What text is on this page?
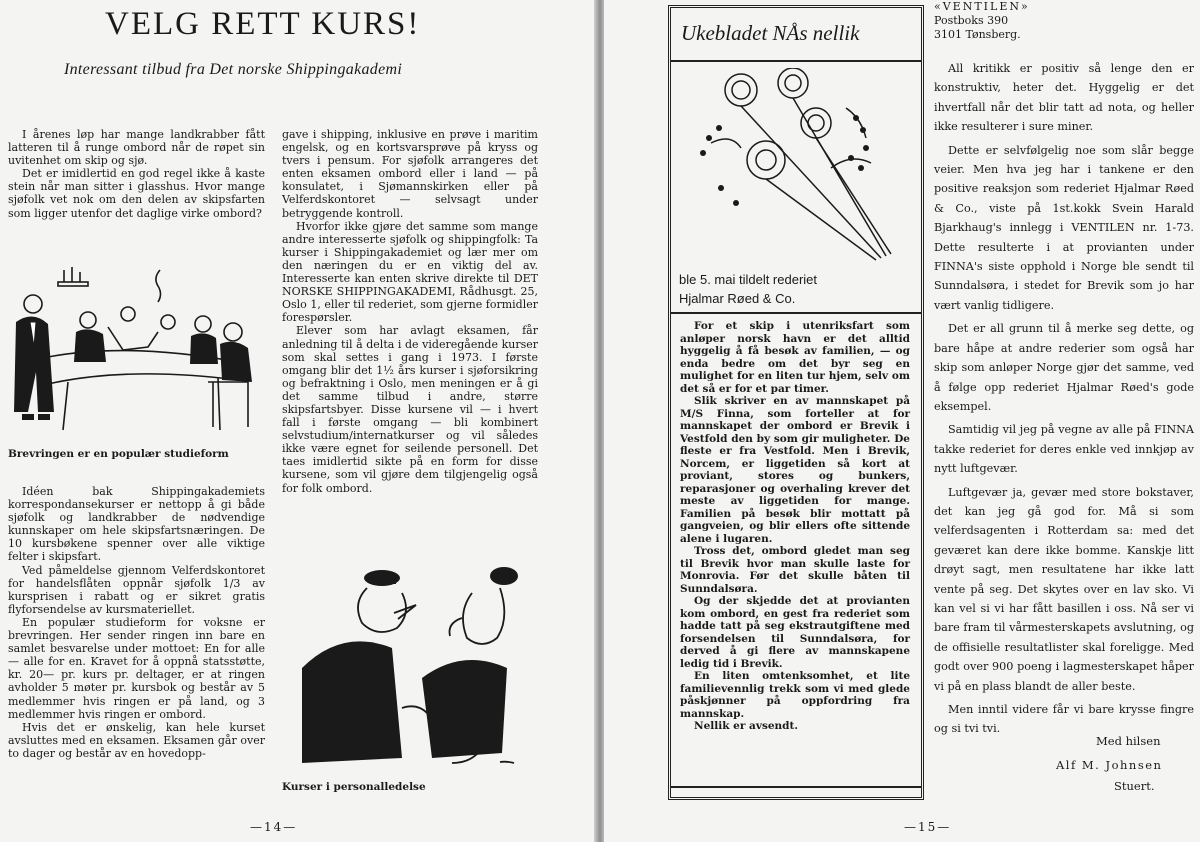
VELG RETT KURS!
Interessant tilbud fra Det norske Shippingakademi

I årenes løp har mange landkrabber fått latteren til å runge ombord når de røpet sin uvitenhet om skip og sjø.

Det er imidlertid en god regel ikke å kaste stein når man sitter i glasshus. Hvor mange sjøfolk vet nok om den delen av skipsfarten som ligger utenfor det daglige virke ombord?

Brevringen er en populær studieform

Idéen bak Shippingakademiets korrespondansekurser er nettopp å gi både sjøfolk og landkrabber de nødvendige kunnskaper om hele skipsfartsnæringen. De 10 kursbøkene spenner over alle viktige felter i skipsfart.

Ved påmeldelse gjennom Velferdskontoret for handelsflåten oppnår sjøfolk 1/3 av kursprisen i rabatt og er sikret gratis flyforsendelse av kursmateriellet.

En populær studieform for voksne er brevringen. Her sender ringen inn bare en samlet besvarelse under mottoet: En for alle — alle for en. Kravet for å oppnå statsstøtte, kr. 20— pr. kurs pr. deltager, er at ringen avholder 5 møter pr. kursbok og består av 5 medlemmer hvis ringen er på land, og 3 medlemmer hvis ringen er ombord.

Hvis det er ønskelig, kan hele kurset avsluttes med en eksamen. Eksamen går over to dager og består av en hovedopp-

gave i shipping, inklusive en prøve i maritim engelsk, og en kortsvarsprøve på kryss og tvers i pensum. For sjøfolk arrangeres det enten eksamen ombord eller i land — på konsulatet, i Sjømannskirken eller på Velferdskontoret — selvsagt under betryggende kontroll.

Hvorfor ikke gjøre det samme som mange andre interesserte sjøfolk og shippingfolk: Ta kurser i Shippingakademiet og lær mer om den næringen du er en viktig del av. Interesserte kan enten skrive direkte til DET NORSKE SHIPPINGAKADEMI, Rådhusgt. 25, Oslo 1, eller til rederiet, som gjerne formidler forespørsler.

Elever som har avlagt eksamen, får anledning til å delta i de videregående kurser som skal settes i gang i 1973. I første omgang blir det 1½ års kurser i sjøforsikring og befraktning i Oslo, men meningen er å gi det samme tilbud i andre, større skipsfartsbyer. Disse kursene vil — i hvert fall i første omgang — bli kombinert selvstudium/internatkurser og vil således ikke være egnet for seilende personell. Det taes imidlertid sikte på en form for disse kursene, som vil gjøre dem tilgjengelig også for folk ombord.

Kurser i personalledelse
—14—
Ukebladet NÅs nellik
ble 5. mai tildelt rederiet
Hjalmar Røed & Co.

For et skip i utenriksfart som anløper norsk havn er det alltid hyggelig å få besøk av familien, — og enda bedre om det byr seg en mulighet for en liten tur hjem, selv om det så er for et par timer.

Slik skriver en av mannskapet på M/S Finna, som forteller at for mannskapet der ombord er Brevik i Vestfold den by som gir muligheter. De fleste er fra Vestfold. Men i Brevik, Norcem, er liggetiden så kort at proviant, stores og bunkers, reparasjoner og overhaling krever det meste av liggetiden for mange. Familien på besøk blir mottatt på gangveien, og blir ellers ofte sittende alene i lugaren.

Tross det, ombord gledet man seg til Brevik hvor man skulle laste for Monrovia. Før det skulle båten til Sunndalsøra.

Og der skjedde det at provianten kom ombord, en gest fra rederiet som hadde tatt på seg ekstrautgiftene med forsendelsen til Sunndalsøra, for derved å gi flere av mannskapene ledig tid i Brevik.

En liten omtenksomhet, et lite familievennlig trekk som vi med glede påskjønner på oppfordring fra mannskap.

Nellik er avsendt.

«VENTILEN»
Postboks 390
3101 Tønsberg.

All kritikk er positiv så lenge den er konstruktiv, heter det. Hyggelig er det ihvertfall når det blir tatt ad nota, og heller ikke resulterer i sure miner.

Dette er selvfølgelig noe som slår begge veier. Men hva jeg har i tankene er den positive reaksjon som rederiet Hjalmar Røed & Co., viste på 1st.kokk Svein Harald Bjarkhaug's innlegg i VENTILEN nr. 1-73. Dette resulterte i at provianten under FINNA's siste opphold i Norge ble sendt til Sunndalsøra, i stedet for Brevik som jo har vært vanlig tidligere.

Det er all grunn til å merke seg dette, og bare håpe at andre rederier som også har skip som anløper Norge gjør det samme, ved å følge opp rederiet Hjalmar Røed's gode eksempel.

Samtidig vil jeg på vegne av alle på FINNA takke rederiet for deres enkle ved innkjøp av nytt luftgevær.

Luftgevær ja, gevær med store bokstaver, det kan jeg gå god for. Må si som velferdsagenten i Rotterdam sa: med det geværet kan dere ikke bomme. Kanskje litt drøyt sagt, men resultatene har ikke latt vente på seg. Det skytes over en lav sko. Vi kan vel si vi har fått basillen i oss. Nå ser vi bare fram til vårmesterskapets avslutning, og de offisielle resultatlister skal foreligge. Med godt over 900 poeng i lagmesterskapet håper vi på en plass blandt de aller beste.

Men inntil videre får vi bare krysse fingre og si tvi tvi.

Med hilsen
Alf M. Johnsen
Stuert.
—15—
